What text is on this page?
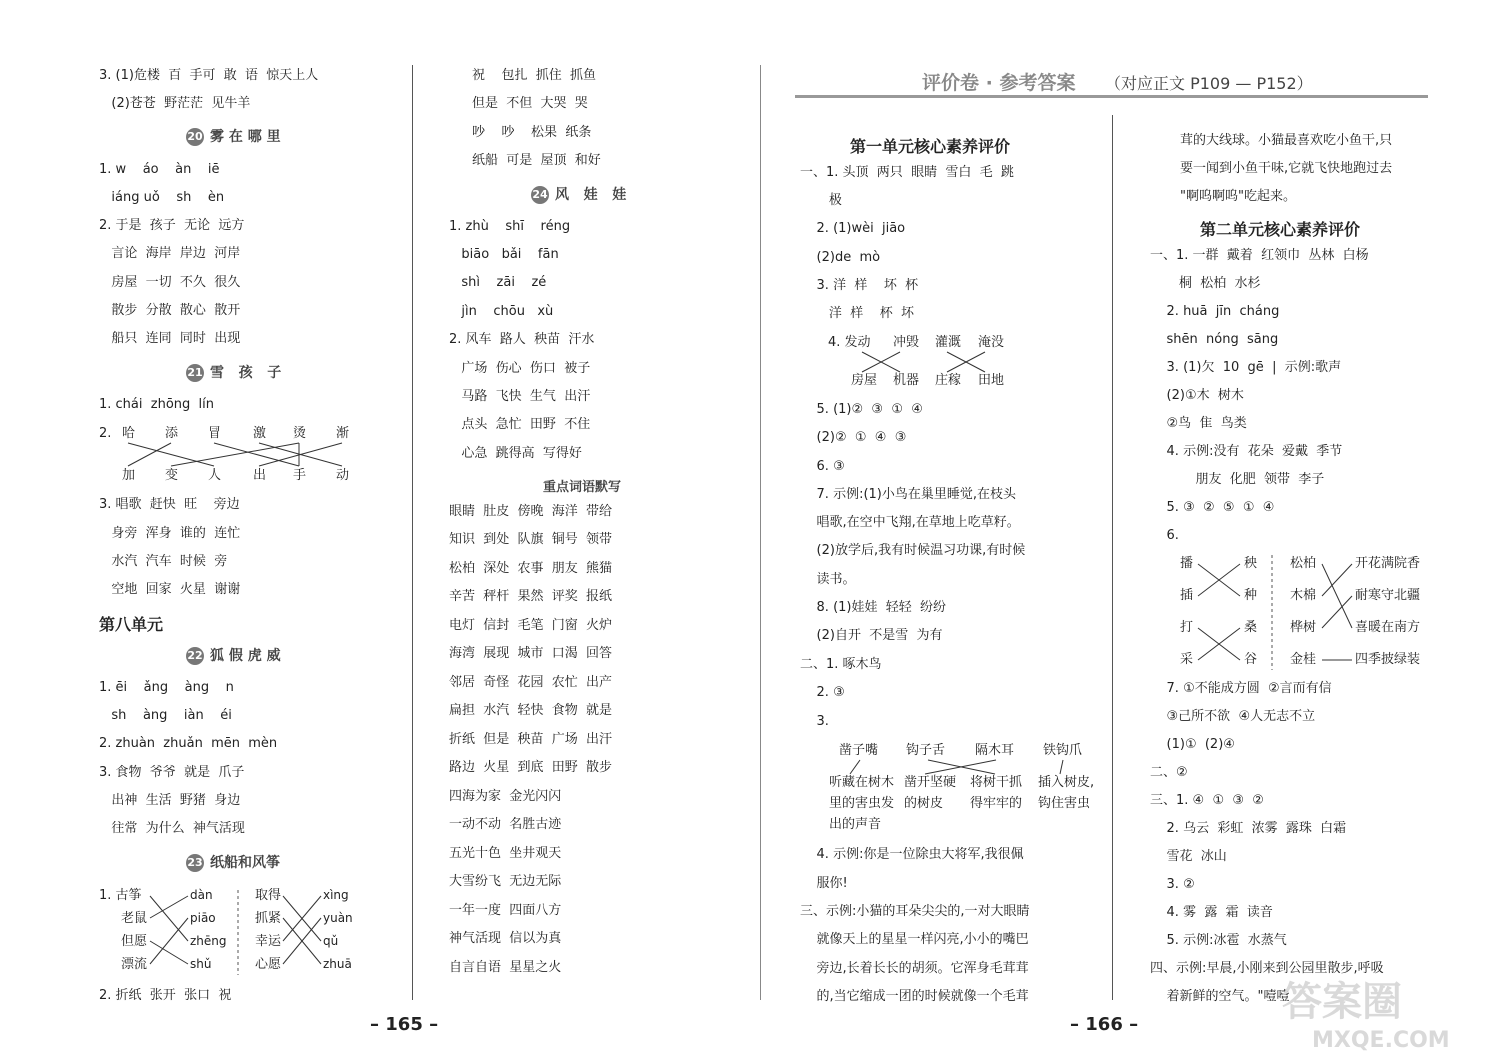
3. (1)危楼  百  手可  敢  语  惊天上人
(2)苍苍  野茫茫  见牛羊
20 雾 在 哪 里
1. w    áo    àn    iē
iáng uǒ    sh    èn
2. 于是  孩子  无论  远方
言论  海岸  岸边  河岸
房屋  一切  不久  很久
散步  分散  散心  散开
船只  连同  同时  出现
21 雪   孩   子
1. chái  zhōng  lín
2. 哈 添 冒 激 烫 渐
加 变 人 出 手 动
3. 唱歌  赶快  旺    旁边
身旁  浑身  谁的  连忙
水汽  汽车  时候  旁
空地  回家  火星  谢谢
第八单元
22 狐 假 虎 威
1. ēi    ǎng    àng    n
sh    àng    iàn    éi
2. zhuàn  zhuǎn  mēn  mèn
3. 食物  爷爷  就是  爪子
出神  生活  野猪  身边
往常  为什么  神气活现
23 纸船和风筝
1. 古筝
老鼠
但愿
漂流
dàn
piāo
zhēng
shǔ
取得
抓紧
幸运
心愿
xìng
yuàn
qǔ
zhuā
2. 折纸  张开  张口  祝
祝    包扎  抓住  抓鱼
但是  不但  大哭  哭
吵    吵    松果  纸条
纸船  可是  屋顶  和好
24 风   娃   娃
1. zhù    shī    réng
biāo   bǎi    fān
shì    zāi    zé
jìn    chōu   xù
2. 风车  路人  秧苗  汗水
广场  伤心  伤口  被子
马路  飞快  生气  出汗
点头  急忙  田野  不住
心急  跳得高  写得好
重点词语默写
眼睛  肚皮  傍晚  海洋  带给
知识  到处  队旗  铜号  领带
松柏  深处  农事  朋友  熊猫
辛苦  秤杆  果然  评奖  报纸
电灯  信封  毛笔  门窗  火炉
海湾  展现  城市  口渴  回答
邻居  奇怪  花园  农忙  出产
扁担  水汽  轻快  食物  就是
折纸  但是  秧苗  广场  出汗
路边  火星  到底  田野  散步
四海为家  金光闪闪
一动不动  名胜古迹
五光十色  坐井观天
大雪纷飞  无边无际
一年一度  四面八方
神气活现  信以为真
自言自语  星星之火
– 165 –
评价卷 · 参考答案 （对应正文 P109 — P152）
第一单元核心素养评价
一、1. 头顶  两只  眼睛  雪白  毛  跳
极
2. (1)wèi  jiāo
(2)de  mò
3. 洋  样    坏  杯
洋  样    杯  坏
4. 发动 冲毁 灌溉 淹没
房屋 机器 庄稼 田地
5. (1)②  ③  ①  ④
(2)②  ①  ④  ③
6. ③
7. 示例:(1)小鸟在巢里睡觉,在枝头
唱歌,在空中飞翔,在草地上吃草籽。
(2)放学后,我有时候温习功课,有时候
读书。
8. (1)娃娃  轻轻  纷纷
(2)自开  不是雪  为有
二、1. 啄木鸟
2. ③
3.
凿子嘴 钩子舌 隔木耳 铁钩爪
听藏在树木 凿开坚硬 将树干抓 插入树皮,
里的害虫发 的树皮 得牢牢的 钩住害虫
出的声音
4. 示例:你是一位除虫大将军,我很佩
服你!
三、示例:小猫的耳朵尖尖的,一对大眼睛
就像天上的星星一样闪亮,小小的嘴巴
旁边,长着长长的胡须。它浑身毛茸茸
的,当它缩成一团的时候就像一个毛茸
茸的大线球。小猫最喜欢吃小鱼干,只
要一闻到小鱼干味,它就飞快地跑过去
"啊呜啊呜"吃起来。
第二单元核心素养评价
一、1. 一群  戴着  红领巾  丛林  白杨
桐  松柏  水杉
2. huā  jīn  cháng
shēn  nóng  sāng
3. (1)欠  10  gē  |  示例:歌声
(2)①木  树木
②鸟  隹  鸟类
4. 示例:没有  花朵  爱戴  季节
朋友  化肥  领带  李子
5. ③  ②  ⑤  ①  ④
6.
播
插
打
采
秧
种
桑
谷
松柏
木棉
桦树
金桂
开花满院香
耐寒守北疆
喜暖在南方
四季披绿装
7. ①不能成方圆  ②言而有信
③己所不欲  ④人无志不立
(1)①  (2)④
二、②
三、1. ④  ①  ③  ②
2. 乌云  彩虹  浓雾  露珠  白霜
雪花  冰山
3. ②
4. 雾  露  霜  读音
5. 示例:冰雹  水蒸气
四、示例:早晨,小刚来到公园里散步,呼吸
着新鲜的空气。"噎噎
– 166 –	答案圈
MXQE.COM
